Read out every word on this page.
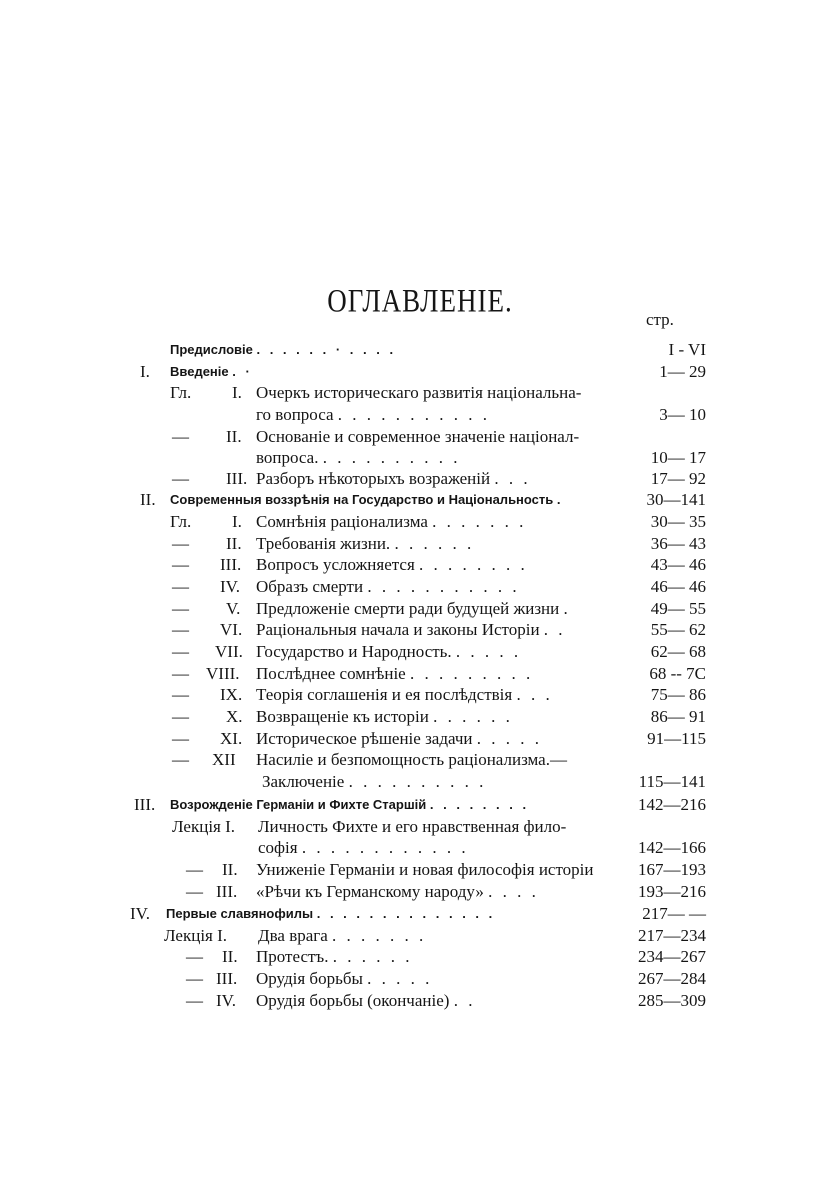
ОГЛАВЛЕНІЕ.
стр.
Предисловіе . . . . . . · . . . .	I - VI
I. Введеніе . ·	1— 29
Гл. I. Очеркъ историческаго развитія національна-
го вопроса . . . . . . . . . . .	3— 10
— II. Основаніе и современное значеніе націонал-
вопроса. . . . . . . . . . .	10— 17
— III. Разборъ нѣкоторыхъ возраженій . . .	17— 92
II. Современныя воззрѣнія на Государство и Національность .	30—141
Гл. I. Сомнѣнія раціонализма . . . . . . .	30— 35
— II. Требованія жизни. . . . . . .	36— 43
— III. Вопросъ усложняется . . . . . . . .	43— 46
— IV. Образъ смерти . . . . . . . . . . .	46— 46
— V. Предложеніе смерти ради будущей жизни .	49— 55
— VI. Раціональныя начала и законы Исторіи . .	55— 62
— VII. Государство и Народность. . . . . .	62— 68
— VIII. Послѣднее сомнѣніе . . . . . . . . .	68 -- 7C
— IX. Теорія соглашенія и ея послѣдствія . . .	75— 86
— X. Возвращеніе къ исторіи . . . . . .	86— 91
— XI. Историческое рѣшеніе задачи . . . . .	91—115
— XII Насиліе и безпомощность раціонализма.—
Заключеніе . . . . . . . . . .	115—141
III. Возрожденіе Германіи и Фихте Старшій . . . . . . . .	142—216
Лекція I. Личность Фихте и его нравственная фило-
софія . . . . . . . . . . . .	142—166
— II. Униженіе Германіи и новая философія исторіи	167—193
— III. «Рѣчи къ Германскому народу» . . . .	193—216
IV. Первые славянофилы . . . . . . . . . . . . . .	217— —
Лекція I. Два врага . . . . . . .	217—234
— II. Протестъ. . . . . . .	234—267
— III. Орудія борьбы . . . . .	267—284
— IV. Орудія борьбы (окончаніе) . .	285—309
